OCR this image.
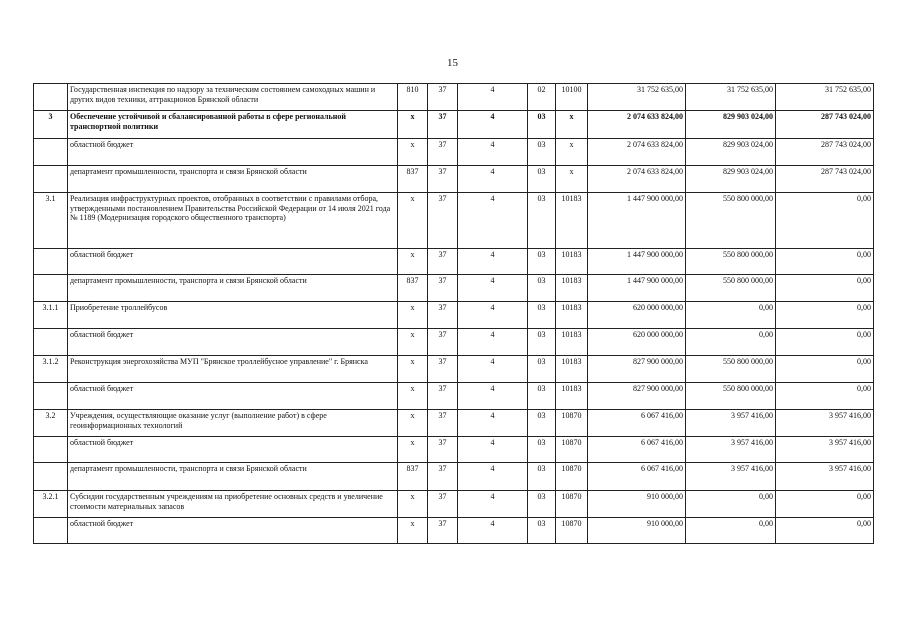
15
	Государственная инспекция по надзору за техническим состоянием самоходных машин и других видов техники, аттракционов Брянской области	810	37	4	02	10100	31 752 635,00	31 752 635,00	31 752 635,00
3	Обеспечение устойчивой и сбалансированной работы в сфере региональной транспортной политики	х	37	4	03	х	2 074 633 824,00	829 903 024,00	287 743 024,00
	областной бюджет	х	37	4	03	х	2 074 633 824,00	829 903 024,00	287 743 024,00
	департамент промышленности, транспорта и связи Брянской области	837	37	4	03	х	2 074 633 824,00	829 903 024,00	287 743 024,00
3.1	Реализация инфраструктурных проектов, отобранных в соответствии с правилами отбора, утвержденными постановлением Правительства Российской Федерации от 14 июля 2021 года № 1189 (Модернизация городского общественного транспорта)	х	37	4	03	10183	1 447 900 000,00	550 800 000,00	0,00
	областной бюджет	х	37	4	03	10183	1 447 900 000,00	550 800 000,00	0,00
	департамент промышленности, транспорта и связи Брянской области	837	37	4	03	10183	1 447 900 000,00	550 800 000,00	0,00
3.1.1	Приобретение троллейбусов	х	37	4	03	10183	620 000 000,00	0,00	0,00
	областной бюджет	х	37	4	03	10183	620 000 000,00	0,00	0,00
3.1.2	Реконструкция энергохозяйства МУП "Брянское троллейбусное управление" г. Брянска	х	37	4	03	10183	827 900 000,00	550 800 000,00	0,00
	областной бюджет	х	37	4	03	10183	827 900 000,00	550 800 000,00	0,00
3.2	Учреждения, осуществляющие оказание услуг (выполнение работ) в сфере геоинформационных технологий	х	37	4	03	10870	6 067 416,00	3 957 416,00	3 957 416,00
	областной бюджет	х	37	4	03	10870	6 067 416,00	3 957 416,00	3 957 416,00
	департамент промышленности, транспорта и связи Брянской области	837	37	4	03	10870	6 067 416,00	3 957 416,00	3 957 416,00
3.2.1	Субсидии государственным учреждениям на приобретение основных средств и увеличение стоимости материальных запасов	х	37	4	03	10870	910 000,00	0,00	0,00
	областной бюджет	х	37	4	03	10870	910 000,00	0,00	0,00
